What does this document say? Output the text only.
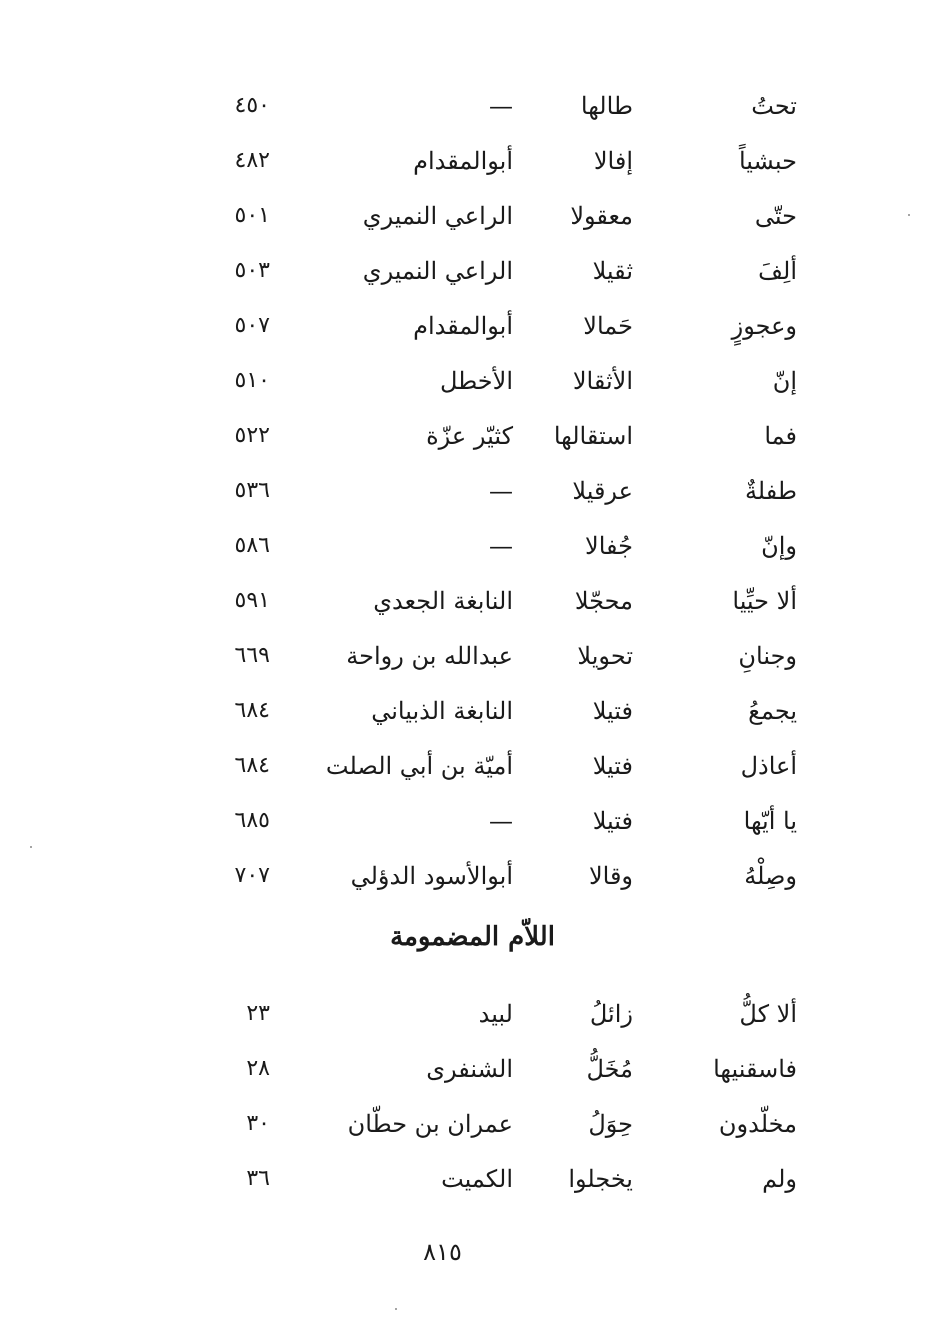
تحتُ
طالها
—
٤٥٠
حبشياً
إفالا
أبوالمقدام
٤٨٢
حتّى
معقولا
الراعي النميري
٥٠١
ألِفَ
ثقيلا
الراعي النميري
٥٠٣
وعجوزٍ
حَمالا
أبوالمقدام
٥٠٧
إنّ
الأثقالا
الأخطل
٥١٠
فما
استقالها
كثيّر عزّة
٥٢٢
طفلةٌ
عرقيلا
—
٥٣٦
وإنّ
جُفالا
—
٥٨٦
ألا حيِّيا
محجّلا
النابغة الجعدي
٥٩١
وجنانِ
تحويلا
عبدالله بن رواحة
٦٦٩
يجمعُ
فتيلا
النابغة الذبياني
٦٨٤
أعاذل
فتيلا
أميّة بن أبي الصلت
٦٨٤
يا أيّها
فتيلا
—
٦٨٥
وصِلْهُ
وقالا
أبوالأسود الدؤلي
٧٠٧
اللاّم المضمومة
ألا كلُّ
زائلُ
لبيد
٢٣
فاسقنيها
مُخَلُّ
الشنفرى
٢٨
مخلّدون
حِوَلُ
عمران بن حطّان
٣٠
ولم
يخجلوا
الكميت
٣٦
٨١٥
